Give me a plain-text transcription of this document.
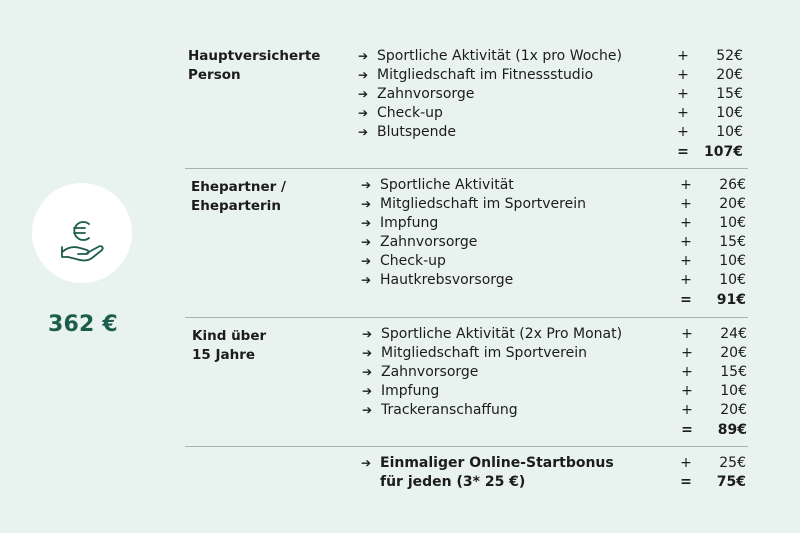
362 €
Hauptversicherte
Person
➔ Sportliche Aktivität (1x pro Woche)	+	52€
➔ Mitgliedschaft im Fitnessstudio	+	20€
➔ Zahnvorsorge	+	15€
➔ Check-up	+	10€
➔ Blutspende	+	10€
=	107€
Ehepartner /
Eheparterin
➔ Sportliche Aktivität	+	26€
➔ Mitgliedschaft im Sportverein	+	20€
➔ Impfung	+	10€
➔ Zahnvorsorge	+	15€
➔ Check-up	+	10€
➔ Hautkrebsvorsorge	+	10€
=	91€
Kind über
15 Jahre
➔ Sportliche Aktivität (2x Pro Monat)	+	24€
➔ Mitgliedschaft im Sportverein	+	20€
➔ Zahnvorsorge	+	15€
➔ Impfung	+	10€
➔ Trackeranschaffung	+	20€
=	89€
➔ Einmaliger Online-Startbonus	+	25€
für jeden (3* 25 €)	=	75€
